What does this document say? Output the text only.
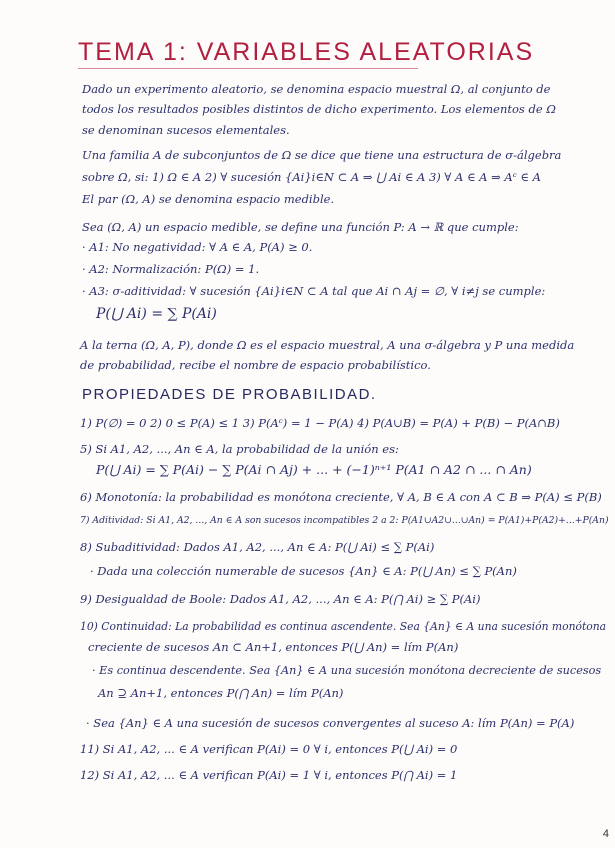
TEMA 1: VARIABLES ALEATORIAS
Dado un experimento aleatorio, se denomina espacio muestral Ω, al conjunto de
todos los resultados posibles distintos de dicho experimento. Los elementos de Ω
se denominan sucesos elementales.
Una familia A de subconjuntos de Ω se dice que tiene una estructura de σ-álgebra
sobre Ω, si: 1) Ω ∈ A 2) ∀ sucesión {Ai}i∈N ⊂ A ⇒ ⋃ Ai ∈ A 3) ∀ A ∈ A ⇒ Aᶜ ∈ A
El par (Ω, A) se denomina espacio medible.
Sea (Ω, A) un espacio medible, se define una función P: A → ℝ que cumple:
· A1: No negatividad: ∀ A ∈ A, P(A) ≥ 0.
· A2: Normalización: P(Ω) = 1.
· A3: σ-aditividad: ∀ sucesión {Ai}i∈N ⊂ A tal que Ai ∩ Aj = ∅, ∀ i≠j se cumple:
P(⋃ Ai) = ∑ P(Ai)
A la terna (Ω, A, P), donde Ω es el espacio muestral, A una σ-álgebra y P una medida
de probabilidad, recibe el nombre de espacio probabilístico.
PROPIEDADES DE PROBABILIDAD.
1) P(∅) = 0 2) 0 ≤ P(A) ≤ 1 3) P(Aᶜ) = 1 − P(A) 4) P(A∪B) = P(A) + P(B) − P(A∩B)
5) Si A1, A2, ..., An ∈ A, la probabilidad de la unión es:
P(⋃ Ai) = ∑ P(Ai) − ∑ P(Ai ∩ Aj) + ... + (−1)ⁿ⁺¹ P(A1 ∩ A2 ∩ ... ∩ An)
6) Monotonía: la probabilidad es monótona creciente, ∀ A, B ∈ A con A ⊂ B ⇒ P(A) ≤ P(B)
7) Aditividad: Si A1, A2, ..., An ∈ A son sucesos incompatibles 2 a 2: P(A1∪A2∪...∪An) = P(A1)+P(A2)+...+P(An)
8) Subaditividad: Dados A1, A2, ..., An ∈ A: P(⋃ Ai) ≤ ∑ P(Ai)
· Dada una colección numerable de sucesos {An} ∈ A: P(⋃ An) ≤ ∑ P(An)
9) Desigualdad de Boole: Dados A1, A2, ..., An ∈ A: P(⋂ Ai) ≥ ∑ P(Ai)
10) Continuidad: La probabilidad es continua ascendente. Sea {An} ∈ A una sucesión monótona
creciente de sucesos An ⊂ An+1, entonces P(⋃ An) = lím P(An)
· Es continua descendente. Sea {An} ∈ A una sucesión monótona decreciente de sucesos
An ⊇ An+1, entonces P(⋂ An) = lím P(An)
· Sea {An} ∈ A una sucesión de sucesos convergentes al suceso A: lím P(An) = P(A)
11) Si A1, A2, ... ∈ A verifican P(Ai) = 0 ∀ i, entonces P(⋃ Ai) = 0
12) Si A1, A2, ... ∈ A verifican P(Ai) = 1 ∀ i, entonces P(⋂ Ai) = 1
4
